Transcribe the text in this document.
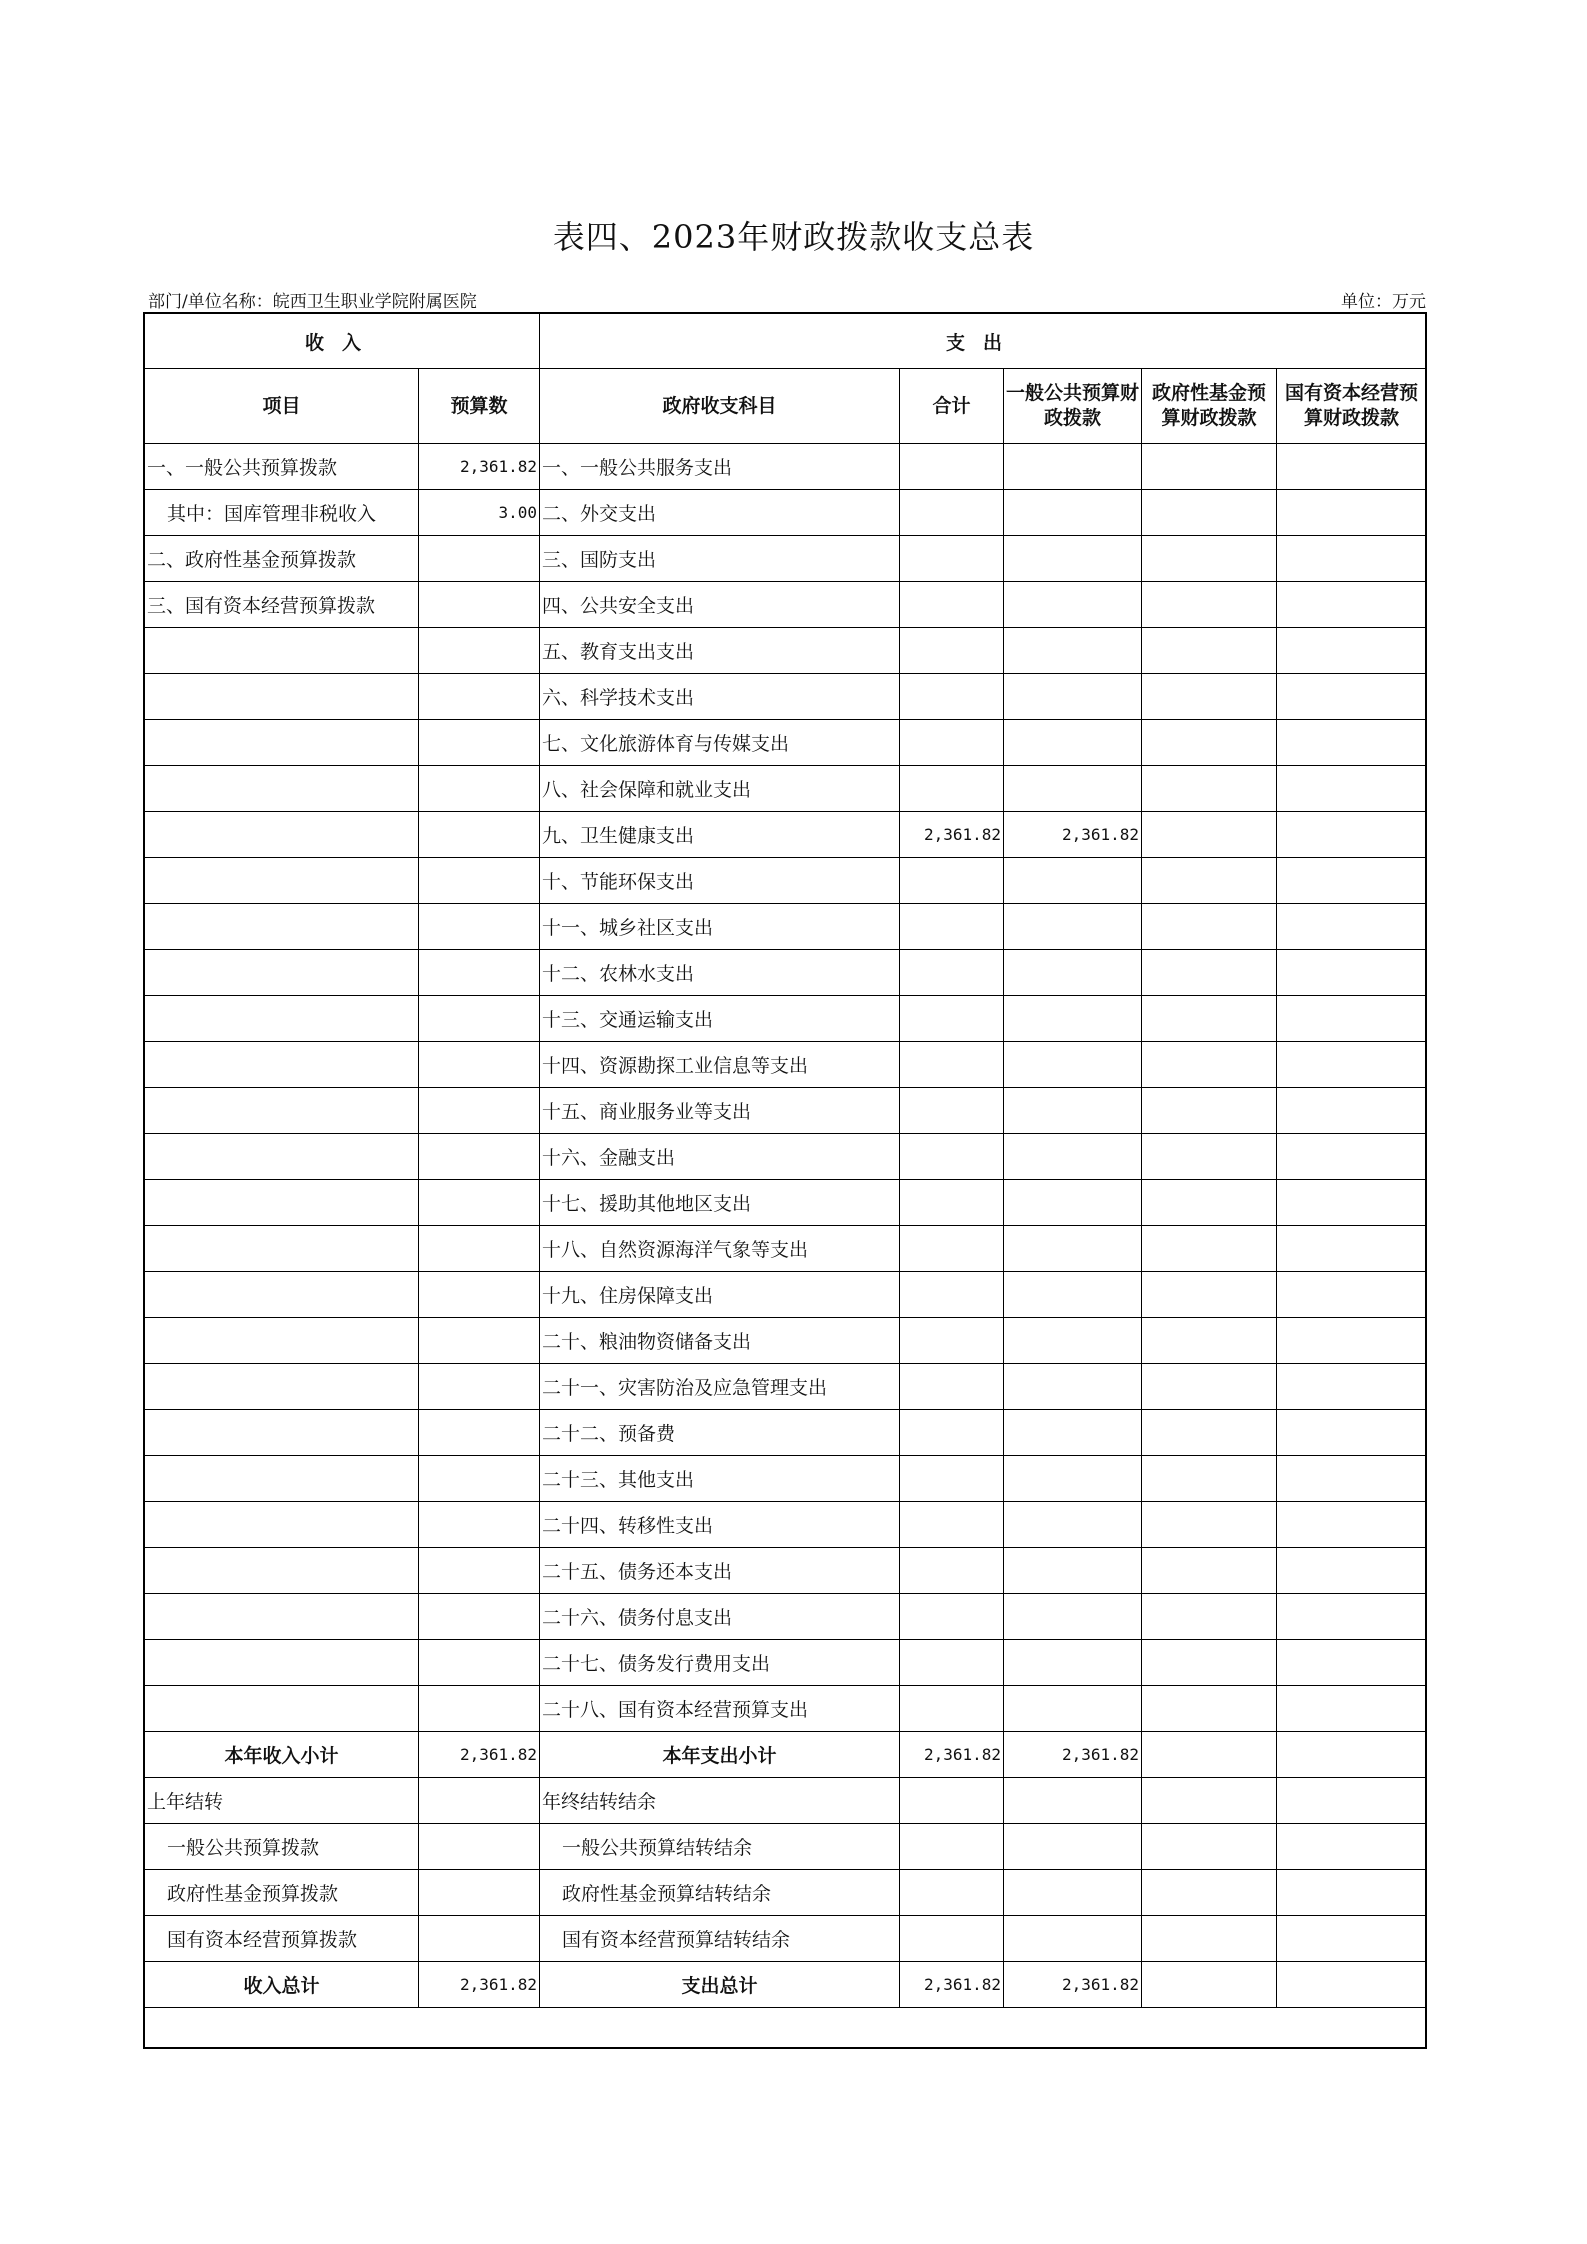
表四、2023年财政拨款收支总表
部门/单位名称：皖西卫生职业学院附属医院	单位：万元
收入		支出				
项目	预算数	政府收支科目	合计	一般公共预算财政拨款	政府性基金预算财政拨款	国有资本经营预算财政拨款
一、一般公共预算拨款	2,361.82	一、一般公共服务支出				
其中：国库管理非税收入	3.00	二、外交支出				
二、政府性基金预算拨款		三、国防支出				
三、国有资本经营预算拨款		四、公共安全支出				
		五、教育支出支出				
		六、科学技术支出				
		七、文化旅游体育与传媒支出				
		八、社会保障和就业支出				
		九、卫生健康支出	2,361.82	2,361.82		
		十、节能环保支出				
		十一、城乡社区支出				
		十二、农林水支出				
		十三、交通运输支出				
		十四、资源勘探工业信息等支出				
		十五、商业服务业等支出				
		十六、金融支出				
		十七、援助其他地区支出				
		十八、自然资源海洋气象等支出				
		十九、住房保障支出				
		二十、粮油物资储备支出				
		二十一、灾害防治及应急管理支出				
		二十二、预备费				
		二十三、其他支出				
		二十四、转移性支出				
		二十五、债务还本支出				
		二十六、债务付息支出				
		二十七、债务发行费用支出				
		二十八、国有资本经营预算支出				
本年收入小计	2,361.82	本年支出小计	2,361.82	2,361.82		
上年结转		年终结转结余				
一般公共预算拨款		一般公共预算结转结余				
政府性基金预算拨款		政府性基金预算结转结余				
国有资本经营预算拨款		国有资本经营预算结转结余				
收入总计	2,361.82	支出总计	2,361.82	2,361.82		
